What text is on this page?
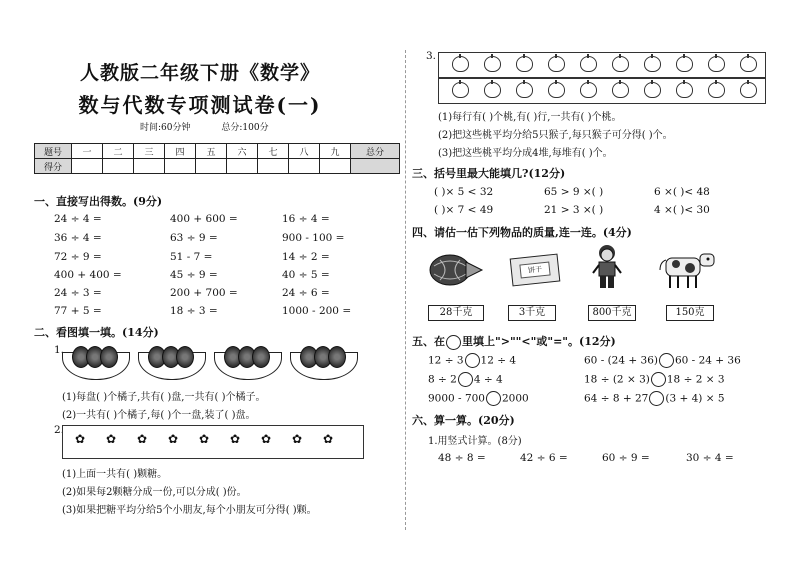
人教版二年级下册《数学》
数与代数专项测试卷(一)
时间:60分钟	总分:100分
题号	一	二	三	四	五	六	七	八	九	总分
得分										
一、直接写出得数。(9分)
24 ÷ 4 =	400 + 600 =	16 ÷ 4 =
36 ÷ 4 =	63 ÷ 9 =	900 - 100 =
72 ÷ 9 =	51 - 7 =	14 ÷ 2 =
400 + 400 =	45 ÷ 9 =	40 ÷ 5 =
24 ÷ 3 =	200 + 700 =	24 ÷ 6 =
77 + 5 =	18 ÷ 3 =	1000 - 200 =
二、看图填一填。(14分)
1.
(1)每盘( )个橘子,共有( )盘,一共有( )个橘子。
(2)一共有( )个橘子,每( )个一盘,装了( )盘。
2.
✿ ✿ ✿ ✿ ✿ ✿ ✿ ✿ ✿
(1)上面一共有( )颗糖。
(2)如果每2颗糖分成一份,可以分成( )份。
(3)如果把糖平均分给5个小朋友,每个小朋友可分得( )颗。
3.
(1)每行有( )个桃,有( )行,一共有( )个桃。
(2)把这些桃平均分给5只猴子,每只猴子可分得( )个。
(3)把这些桃平均分成4堆,每堆有( )个。
三、括号里最大能填几?(12分)
( )× 5 < 32	65 > 9 ×( )	6 ×( )< 48
( )× 7 < 49	21 > 3 ×( )	4 ×( )< 30
四、请估一估下列物品的质量,连一连。(4分)
饼干
28千克	3千克	800千克	150克
五、在 里填上">""<"或"="。(12分)
12 ÷ 3 12 ÷ 4	60 - (24 + 36) 60 - 24 + 36
8 ÷ 2 4 ÷ 4	18 ÷ (2 × 3) 18 ÷ 2 × 3
9000 - 700 2000	64 ÷ 8 + 27 (3 + 4) × 5
六、算一算。(20分)
1.用竖式计算。(8分)
48 ÷ 8 =	42 ÷ 6 =	60 ÷ 9 =	30 ÷ 4 =
